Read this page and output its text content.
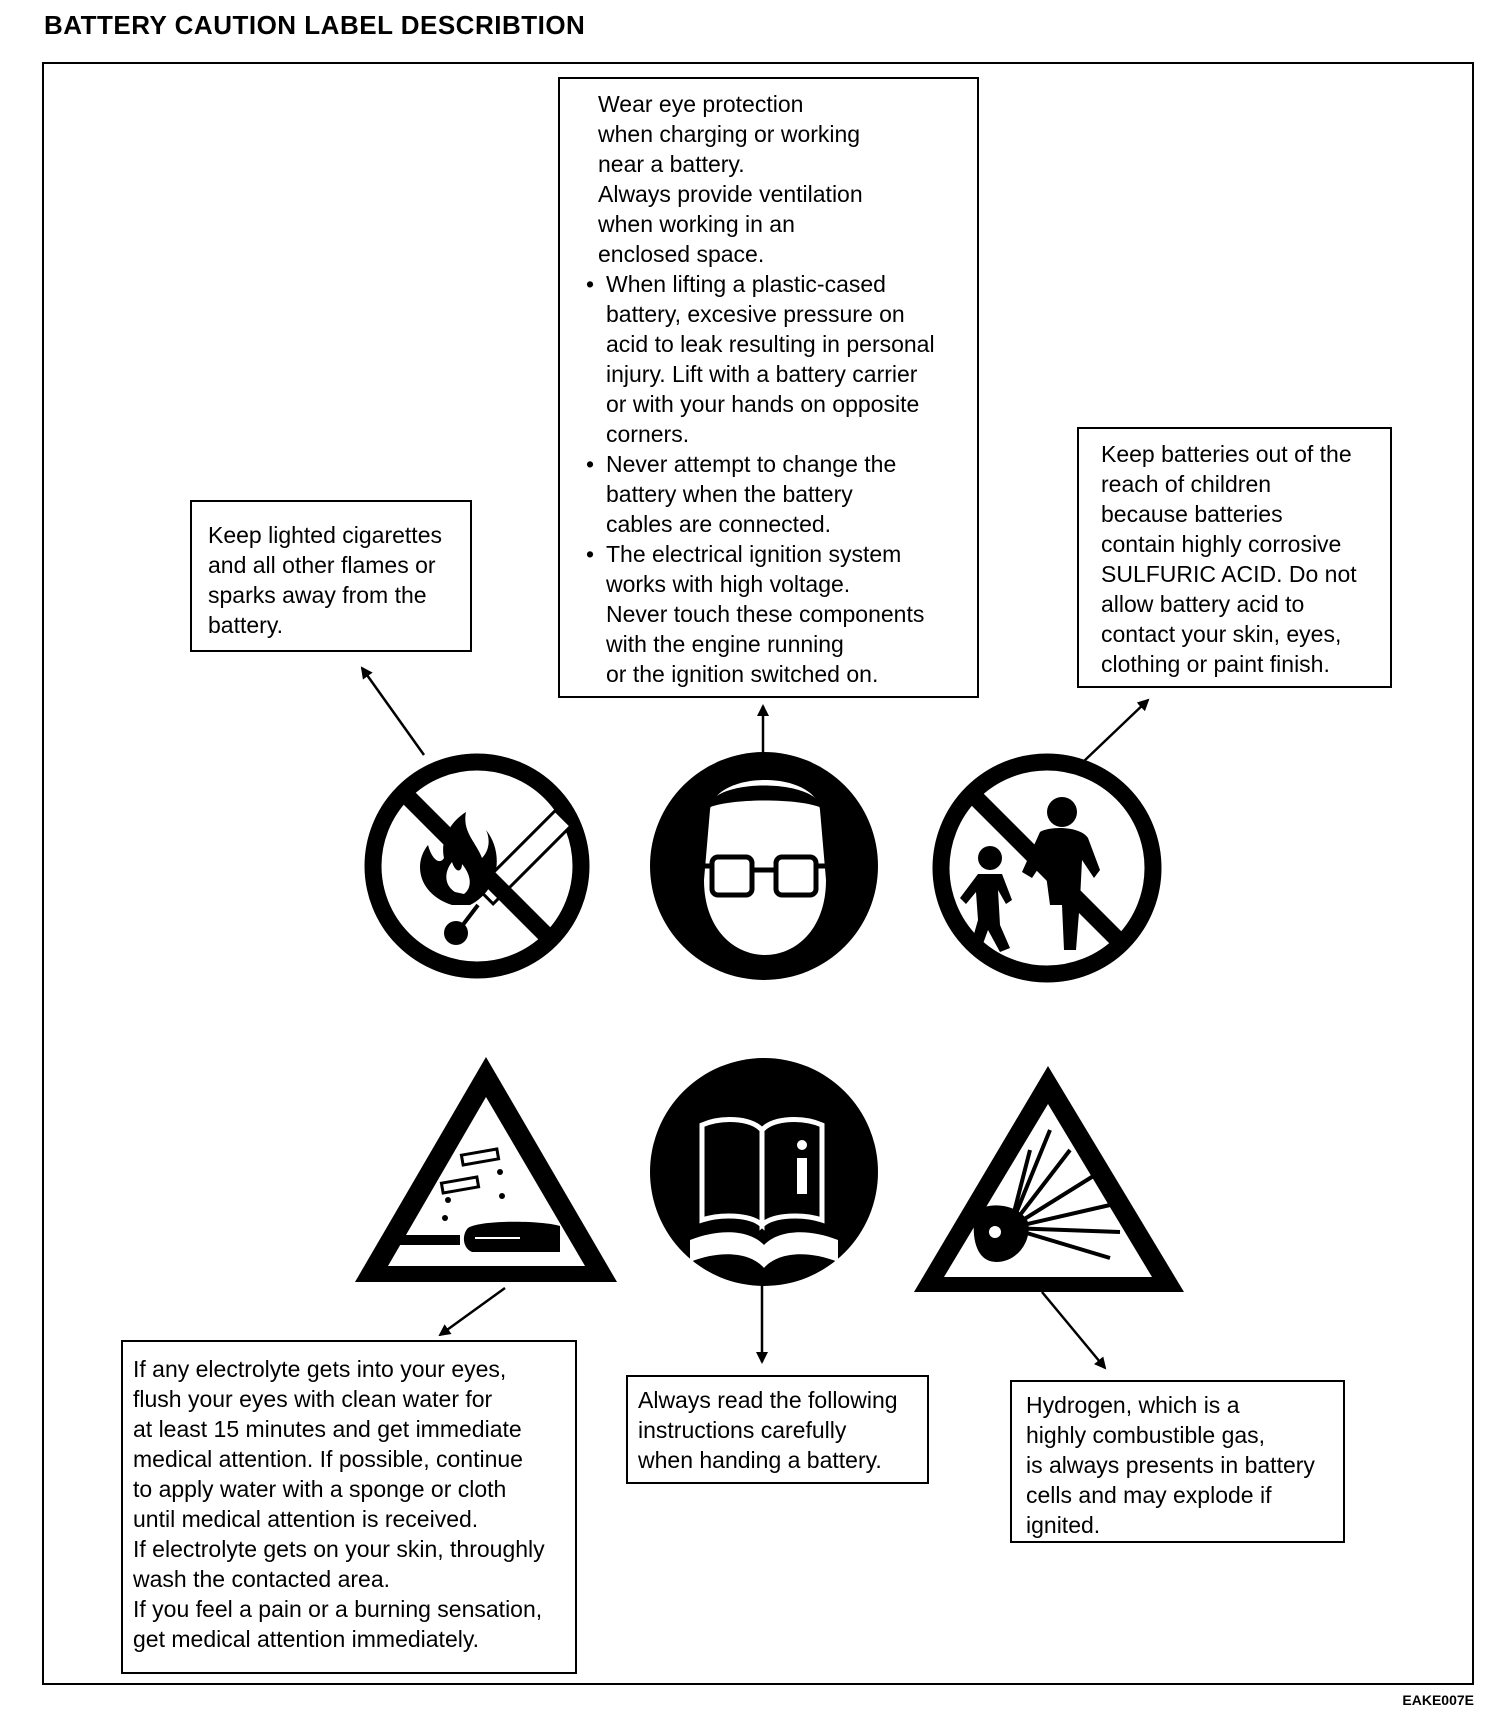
BATTERY CAUTION LABEL DESCRIBTION

Wear eye protection

when charging or working

near a battery.

Always provide ventilation

when working in an

enclosed space.

• When lifting a plastic-cased

battery, excesive pressure on

acid to leak resulting in personal

injury. Lift with a battery carrier

or with your hands on opposite

corners.

• Never attempt to change the

battery when the battery

cables are connected.

• The electrical ignition system

works with high voltage.

Never touch these components

with the engine running

or the ignition switched on.

Keep lighted cigarettes

and all other flames or

sparks away from the

battery.

Keep batteries out of the

reach of children

because batteries

contain highly corrosive

SULFURIC ACID. Do not

allow battery acid to

contact your skin, eyes,

clothing or paint finish.

If any electrolyte gets into your eyes,

flush your eyes with clean water for

at least 15 minutes and get immediate

medical attention. If possible, continue

to apply water with a sponge or cloth

until medical attention is received.

If electrolyte gets on your skin, throughly

wash the contacted area.

If you feel a pain or a burning sensation,

get medical attention immediately.

Always read the following

instructions carefully

when handing a battery.

Hydrogen, which is a

highly combustible gas,

is always presents in battery

cells and may explode if

ignited.

EAKE007E
